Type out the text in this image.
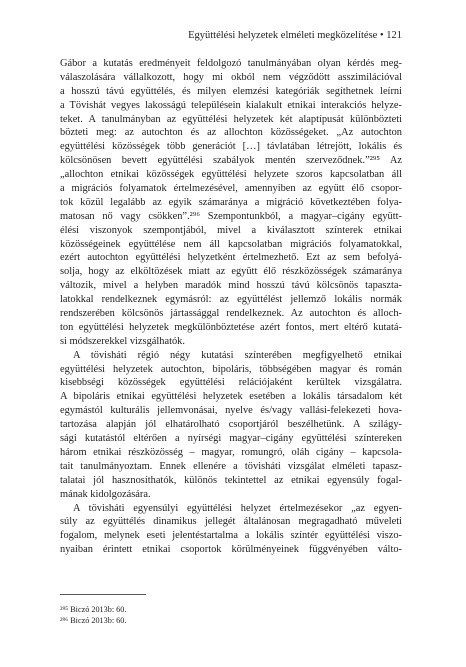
Együttélési helyzetek elméleti megközelítése • 121
Gábor a kutatás eredményeit feldolgozó tanulmányában olyan kérdés meg-
válaszolására vállalkozott, hogy mi okból nem végződött asszimilációval
a hosszú távú együttélés, és milyen elemzési kategóriák segíthetnek leírni
a Tövishát vegyes lakosságú településein kialakult etnikai interakciós helyze-
teket. A tanulmányban az együttélési helyzetek két alaptípusát különbözteti
bözteti meg: az autochton és az allochton közösségeket. „Az autochton
együttélési közösségek több generációt […] távlatában létrejött, lokális és
kölcsönösen bevett együttélési szabályok mentén szerveződnek.”²⁹⁵ Az
„allochton etnikai közösségek együttélési helyzete szoros kapcsolatban áll
a migrációs folyamatok értelmezésével, amennyiben az együtt élő csopor-
tok közül legalább az egyik számarányа a migráció következtében folya-
matosan nő vagy csökken”.²⁹⁶ Szempontunkból, a magyar–cigány együtt-
élési viszonyok szempontjából, mivel a kiválasztott színterek etnikai
közösségeinek együttélése nem áll kapcsolatban migrációs folyamatokkal,
ezért autochton együttélési helyzetként értelmezhető. Ezt az sem befolyá-
solja, hogy az elköltözések miatt az együtt élő részközösségek számaránya
változik, mivel a helyben maradók mind hosszú távú kölcsönös tapaszta-
latokkal rendelkeznek egymásról: az együttélést jellemző lokális normák
rendszerében kölcsönös jártassággal rendelkeznek. Az autochton és alloch-
ton együttélési helyzetek megkülönböztetése azért fontos, mert eltérő kutatá-
si módszerekkel vizsgálhatók.
A tövisháti régió négy kutatási színterében megfigyelhető etnikai
együttélési helyzetek autochton, bipoláris, többségében magyar és román
kisebbségi közösségek együttélési relációjaként kerültek vizsgálatra.
A bipoláris etnikai együttélési helyzetek esetében a lokális társadalom két
egymástól kulturális jellemvonásai, nyelve és/vagy vallási-felekezeti hova-
tartozása alapján jól elhatárolható csoportjáról beszélhetünk. A szilágy-
sági kutatástól eltérően a nyírségi magyar–cigány együttélési színtereken
három etnikai részközösség – magyar, romungró, oláh cigány – kapcsola-
tait tanulmányoztam. Ennek ellenére a tövisháti vizsgálat elméleti tapasz-
talatai jól hasznosíthatók, különös tekintettel az etnikai egyensúly fogal-
mának kidolgozására.
A tövisháti egyensúlyi együttélési helyzet értelmezésekor „az egyen-
súly az együttélés dinamikus jellegét általánosan megragadható műveleti
fogalom, melynek eseti jelentéstartalma a lokális színtér együttélési viszo-
nyaiban érintett etnikai csoportok körülményeinek függvényében válto-
²⁹⁵ Biczó 2013b: 60.
²⁹⁶ Biczó 2013b: 60.
